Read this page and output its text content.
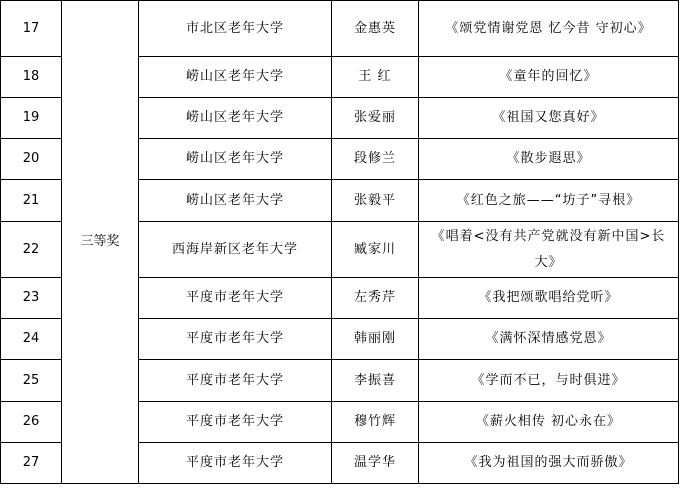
17	三等奖	市北区老年大学	金惠英	《颂党情谢党恩 忆今昔 守初心》
18		崂山区老年大学	王 红	《童年的回忆》
19		崂山区老年大学	张爱丽	《祖国又您真好》
20		崂山区老年大学	段修兰	《散步遐思》
21		崂山区老年大学	张毅平	《红色之旅——“坊子”寻根》
22		西海岸新区老年大学	臧家川	《唱着<没有共产党就没有新中国>长大》
23		平度市老年大学	左秀芹	《我把颂歌唱给党听》
24		平度市老年大学	韩丽刚	《满怀深情感党恩》
25		平度市老年大学	李振喜	《学而不已，与时俱进》
26		平度市老年大学	穆竹辉	《薪火相传 初心永在》
27		平度市老年大学	温学华	《我为祖国的强大而骄傲》
